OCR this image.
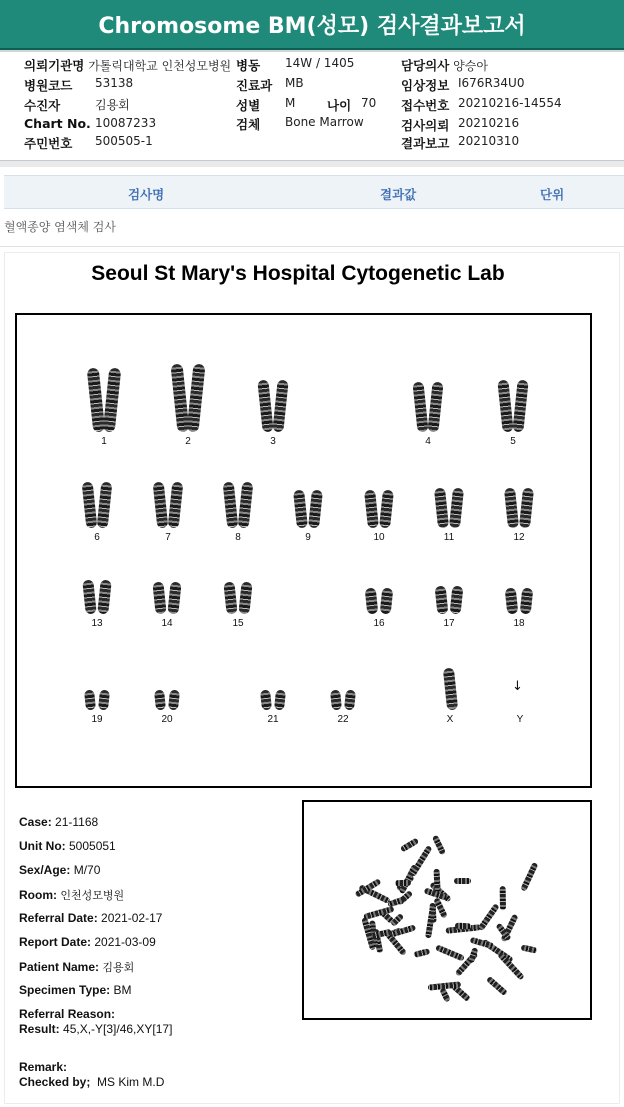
Chromosome BM(성모) 검사결과보고서
의뢰기관명 가톨릭대학교 인천성모병원 병동 14W / 1405	담당의사 양승아
병원코드 53138	진료과 MB	임상정보 I676R34U0
수진자	김용회	성별 M	나이 70 접수번호 20210216-14554
Chart No. 10087233	검체 Bone Marrow	검사의뢰 20210216
주민번호 500505-1	결과보고 20210310
검사명	결과값	단위
혈액종양 염색체 검사
Seoul St Mary's Hospital Cytogenetic Lab
1	2	3	4	5
6	7	8	9	10	11	12
13	14	15	16	17	18
19	20	21	22	X	Y
↓
Case: 21-1168
Unit No: 5005051
Sex/Age: M/70
Room: 인천성모병원
Referral Date: 2021-02-17
Report Date: 2021-03-09
Patient Name: 김용회
Specimen Type: BM
Referral Reason:
Result: 45,X,-Y[3]/46,XY[17]
Remark:
Checked by; MS Kim M.D
